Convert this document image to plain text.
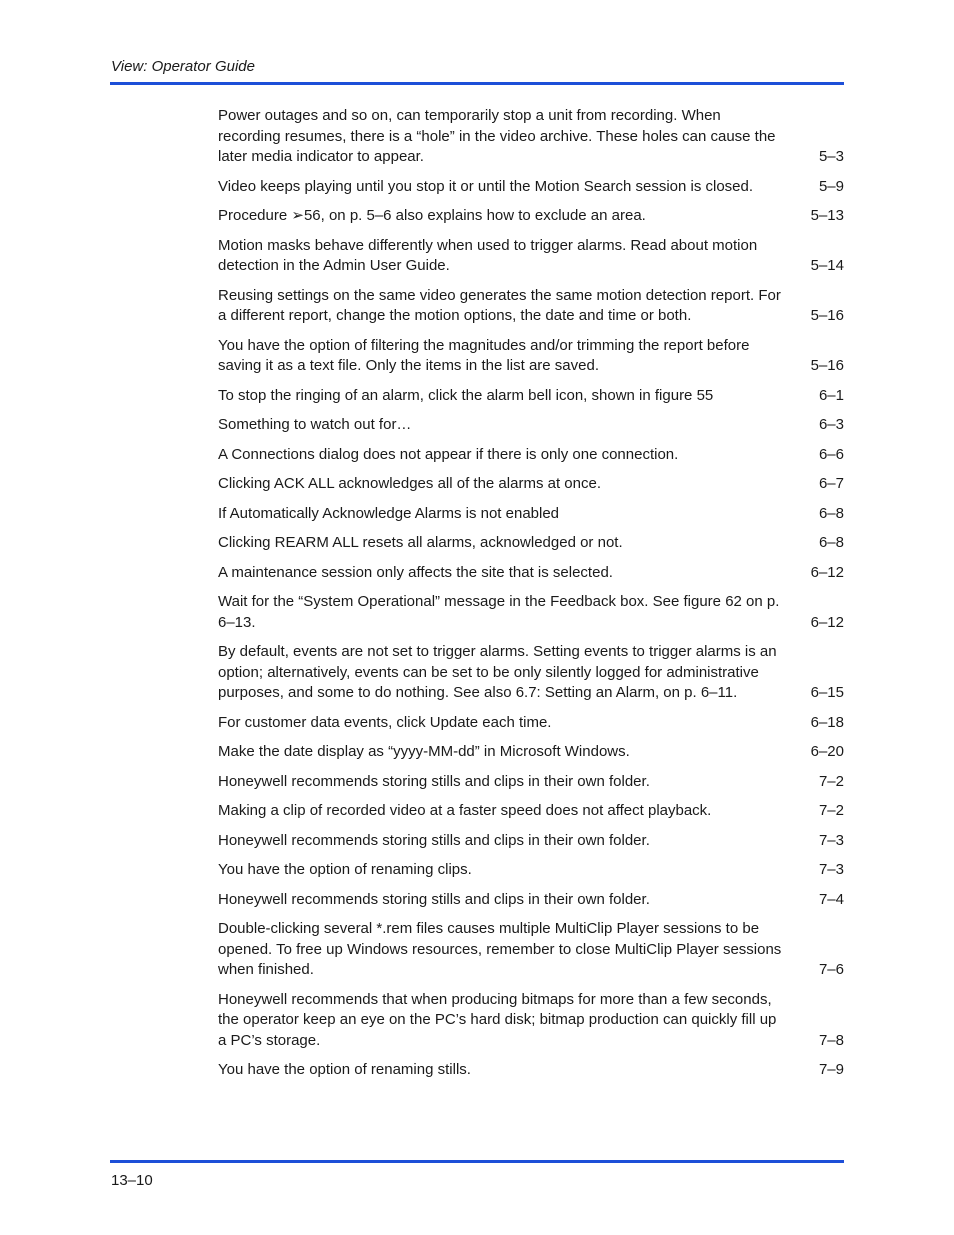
View: Operator Guide
Power outages and so on, can temporarily stop a unit from recording. When recording resumes, there is a “hole” in the video archive. These holes can cause the later media indicator to appear.	5–3
Video keeps playing until you stop it or until the Motion Search session is closed.	5–9
Procedure ➢56, on p. 5–6 also explains how to exclude an area.	5–13
Motion masks behave differently when used to trigger alarms. Read about motion detection in the Admin User Guide.	5–14
Reusing settings on the same video generates the same motion detection report. For a different report, change the motion options, the date and time or both.	5–16
You have the option of filtering the magnitudes and/or trimming the report before saving it as a text file. Only the items in the list are saved.	5–16
To stop the ringing of an alarm, click the alarm bell icon, shown in figure 55	6–1
Something to watch out for…	6–3
A Connections dialog does not appear if there is only one connection.	6–6
Clicking ACK ALL acknowledges all of the alarms at once.	6–7
If Automatically Acknowledge Alarms is not enabled	6–8
Clicking REARM ALL resets all alarms, acknowledged or not.	6–8
A maintenance session only affects the site that is selected.	6–12
Wait for the “System Operational” message in the Feedback box. See figure 62 on p. 6–13.	6–12
By default, events are not set to trigger alarms. Setting events to trigger alarms is an option; alternatively, events can be set to be only silently logged for administrative purposes, and some to do nothing. See also 6.7: Setting an Alarm, on p. 6–11.	6–15
For customer data events, click Update each time.	6–18
Make the date display as “yyyy-MM-dd” in Microsoft Windows.	6–20
Honeywell recommends storing stills and clips in their own folder.	7–2
Making a clip of recorded video at a faster speed does not affect playback.	7–2
Honeywell recommends storing stills and clips in their own folder.	7–3
You have the option of renaming clips.	7–3
Honeywell recommends storing stills and clips in their own folder.	7–4
Double-clicking several *.rem files causes multiple MultiClip Player sessions to be opened. To free up Windows resources, remember to close MultiClip Player sessions when finished.	7–6
Honeywell recommends that when producing bitmaps for more than a few seconds, the operator keep an eye on the PC’s hard disk; bitmap production can quickly fill up a PC’s storage.	7–8
You have the option of renaming stills.	7–9
13–10
